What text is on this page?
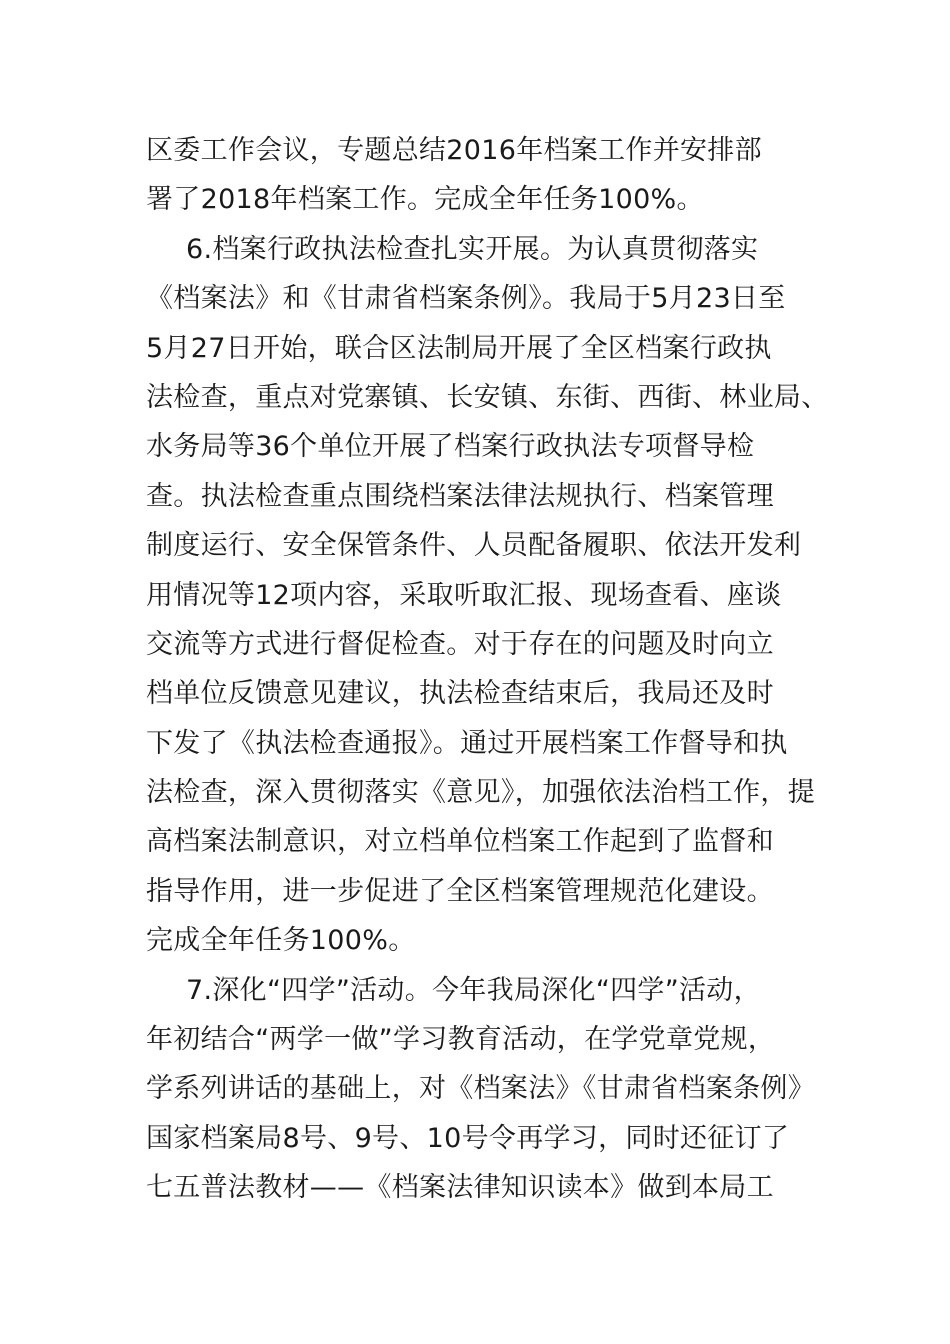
区委工作会议，专题总结2016年档案工作并安排部
署了2018年档案工作。完成全年任务100%。
6.档案行政执法检查扎实开展。为认真贯彻落实
《档案法》和《甘肃省档案条例》。我局于5月23日至
5月27日开始，联合区法制局开展了全区档案行政执
法检查，重点对党寨镇、长安镇、东街、西街、林业局、
水务局等36个单位开展了档案行政执法专项督导检
查。执法检查重点围绕档案法律法规执行、档案管理
制度运行、安全保管条件、人员配备履职、依法开发利
用情况等12项内容，采取听取汇报、现场查看、座谈
交流等方式进行督促检查。对于存在的问题及时向立
档单位反馈意见建议，执法检查结束后，我局还及时
下发了《执法检查通报》。通过开展档案工作督导和执
法检查，深入贯彻落实《意见》，加强依法治档工作，提
高档案法制意识，对立档单位档案工作起到了监督和
指导作用，进一步促进了全区档案管理规范化建设。
完成全年任务100%。
7.深化“四学”活动。今年我局深化“四学”活动，
年初结合“两学一做”学习教育活动，在学党章党规，
学系列讲话的基础上，对《档案法》《甘肃省档案条例》
国家档案局8号、9号、10号令再学习，同时还征订了
七五普法教材——《档案法律知识读本》做到本局工
